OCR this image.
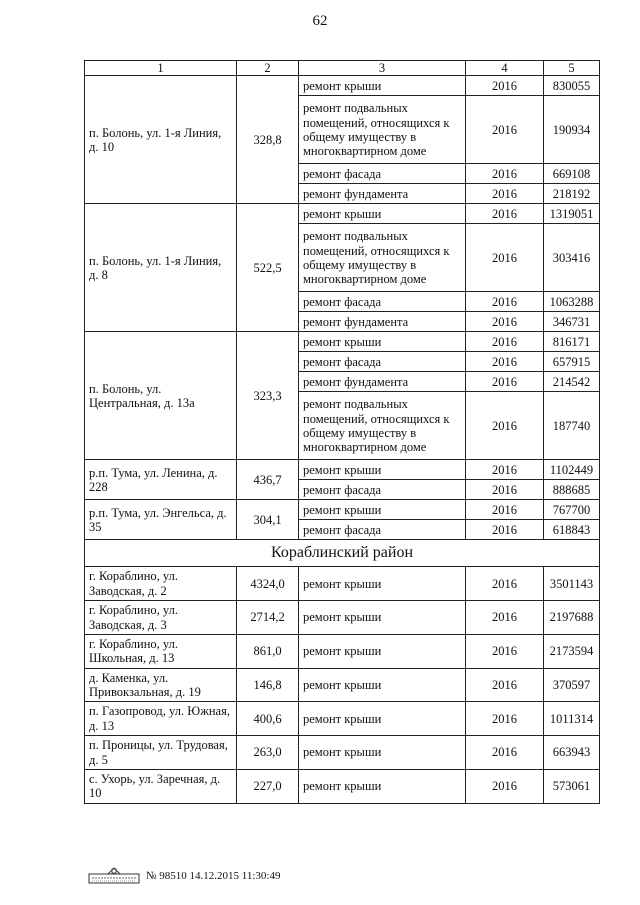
62
1	2	3	4	5
п. Болонь, ул. 1-я Линия, д. 10	328,8	ремонт крыши	2016	830055
		ремонт подвальных помещений, относящихся к общему имуществу в многоквартирном доме	2016	190934
		ремонт фасада	2016	669108
		ремонт фундамента	2016	218192
п. Болонь, ул. 1-я Линия, д. 8	522,5	ремонт крыши	2016	1319051
		ремонт подвальных помещений, относящихся к общему имуществу в многоквартирном доме	2016	303416
		ремонт фасада	2016	1063288
		ремонт фундамента	2016	346731
п. Болонь, ул. Центральная, д. 13а	323,3	ремонт крыши	2016	816171
		ремонт фасада	2016	657915
		ремонт фундамента	2016	214542
		ремонт подвальных помещений, относящихся к общему имуществу в многоквартирном доме	2016	187740
р.п. Тума, ул. Ленина, д. 228	436,7	ремонт крыши	2016	1102449
		ремонт фасада	2016	888685
р.п. Тума, ул. Энгельса, д. 35	304,1	ремонт крыши	2016	767700
		ремонт фасада	2016	618843
Кораблинский район				
г. Кораблино, ул. Заводская, д. 2	4324,0	ремонт крыши	2016	3501143
г. Кораблино, ул. Заводская, д. 3	2714,2	ремонт крыши	2016	2197688
г. Кораблино, ул. Школьная, д. 13	861,0	ремонт крыши	2016	2173594
д. Каменка, ул. Привокзальная, д. 19	146,8	ремонт крыши	2016	370597
п. Газопровод, ул. Южная, д. 13	400,6	ремонт крыши	2016	1011314
п. Проницы, ул. Трудовая, д. 5	263,0	ремонт крыши	2016	663943
с. Ухорь, ул. Заречная, д. 10	227,0	ремонт крыши	2016	573061
№ 98510 14.12.2015 11:30:49
